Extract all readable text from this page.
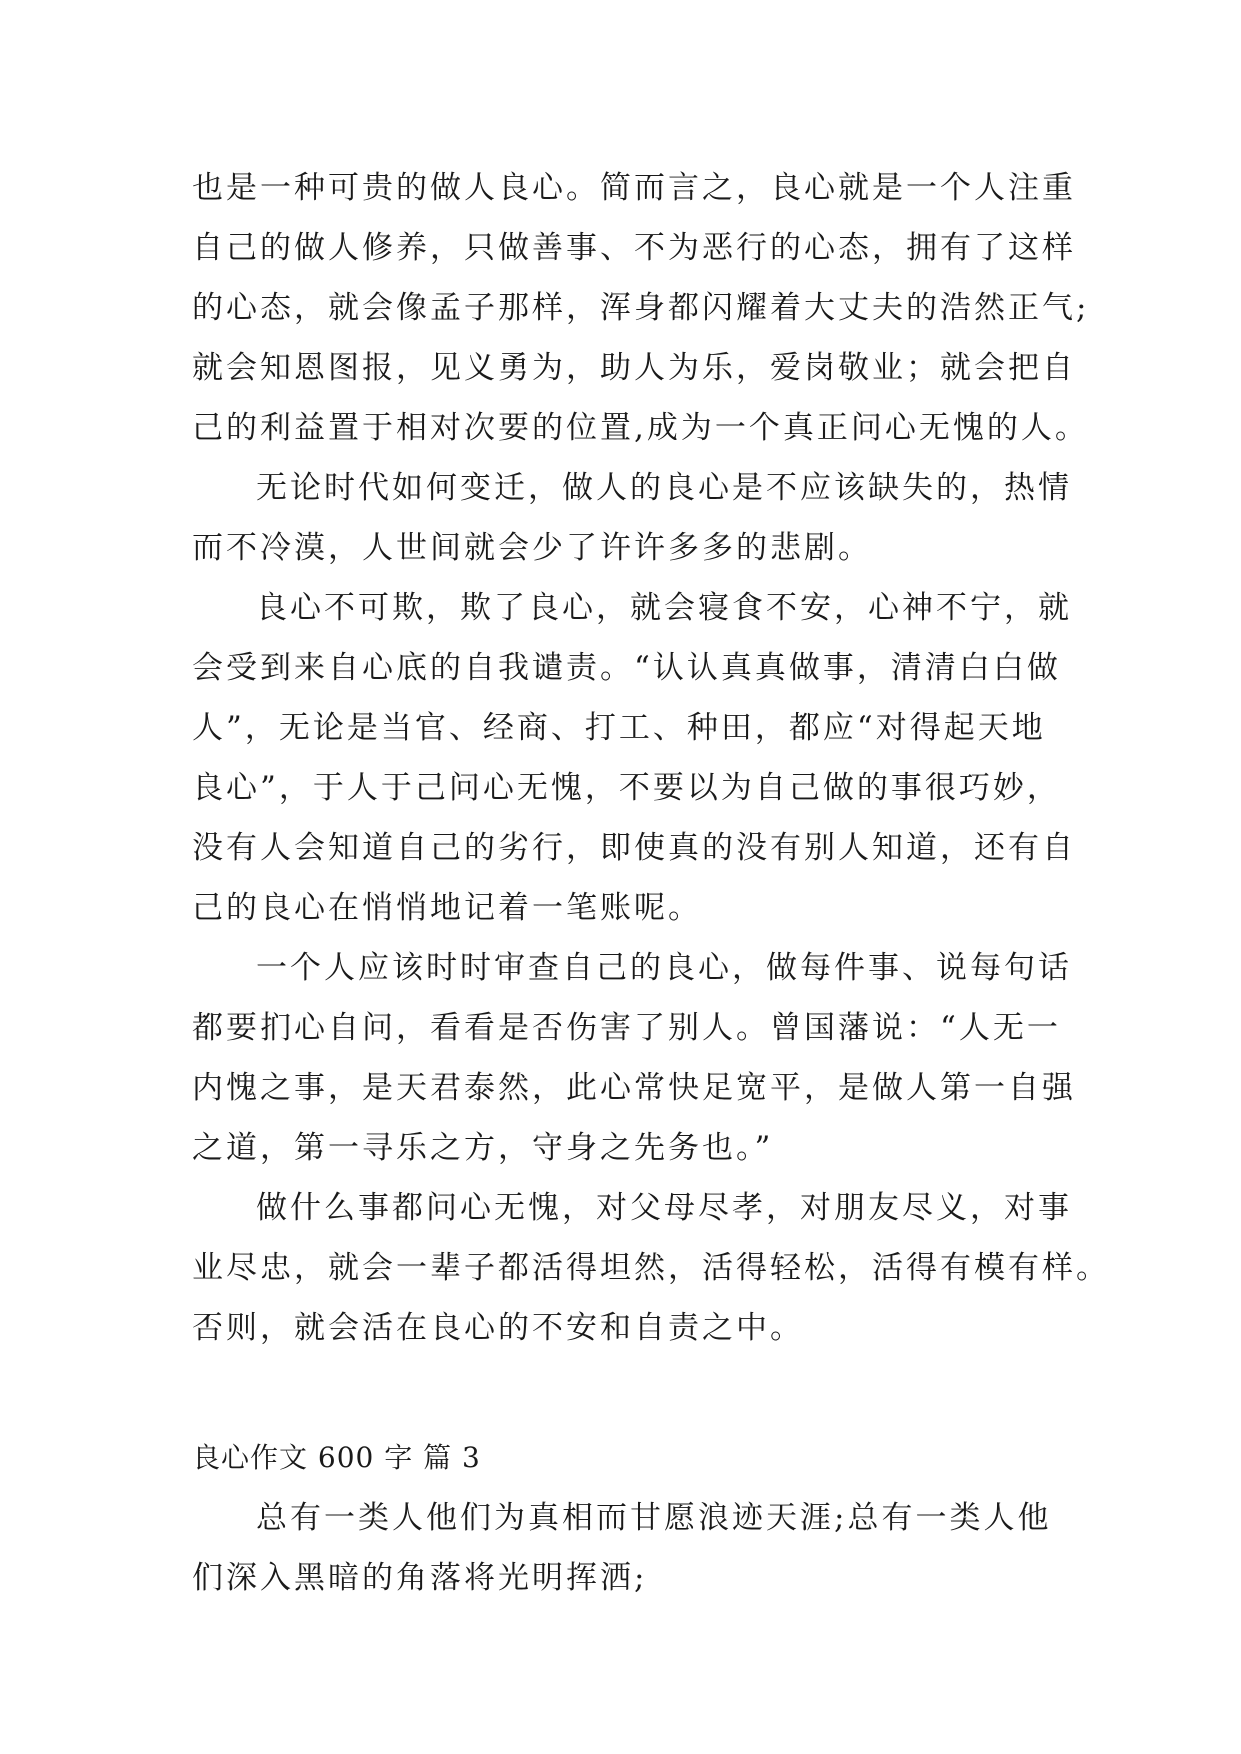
也是一种可贵的做人良心。简而言之，良心就是一个人注重
自己的做人修养，只做善事、不为恶行的心态，拥有了这样
的心态，就会像孟子那样，浑身都闪耀着大丈夫的浩然正气;
就会知恩图报，见义勇为，助人为乐，爱岗敬业；就会把自
己的利益置于相对次要的位置,成为一个真正问心无愧的人。
无论时代如何变迁，做人的良心是不应该缺失的，热情
而不冷漠，人世间就会少了许许多多的悲剧。
良心不可欺，欺了良心，就会寝食不安，心神不宁，就
会受到来自心底的自我谴责。“认认真真做事，清清白白做
人”，无论是当官、经商、打工、种田，都应“对得起天地
良心”，于人于己问心无愧，不要以为自己做的事很巧妙，
没有人会知道自己的劣行，即使真的没有别人知道，还有自
己的良心在悄悄地记着一笔账呢。
一个人应该时时审查自己的良心，做每件事、说每句话
都要扪心自问，看看是否伤害了别人。曾国藩说：“人无一
内愧之事，是天君泰然，此心常快足宽平，是做人第一自强
之道，第一寻乐之方，守身之先务也。”
做什么事都问心无愧，对父母尽孝，对朋友尽义，对事
业尽忠，就会一辈子都活得坦然，活得轻松，活得有模有样。
否则，就会活在良心的不安和自责之中。
良心作文 600 字 篇 3
总有一类人他们为真相而甘愿浪迹天涯;总有一类人他
们深入黑暗的角落将光明挥洒;
